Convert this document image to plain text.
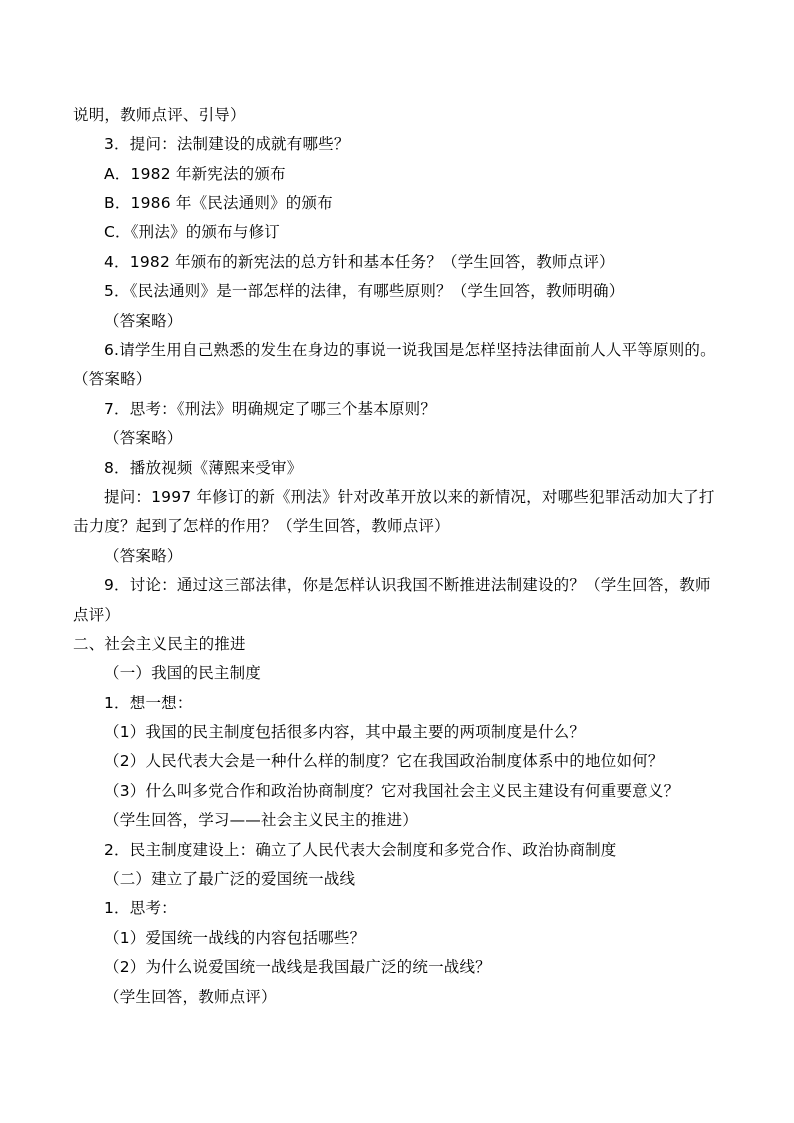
说明，教师点评、引导）
3．提问：法制建设的成就有哪些？
A．1982 年新宪法的颁布
B．1986 年《民法通则》的颁布
C．《刑法》的颁布与修订
4．1982 年颁布的新宪法的总方针和基本任务？（学生回答，教师点评）
5．《民法通则》是一部怎样的法律，有哪些原则？（学生回答，教师明确）
（答案略）
6.请学生用自己熟悉的发生在身边的事说一说我国是怎样坚持法律面前人人平等原则的。
（答案略）
7．思考：《刑法》明确规定了哪三个基本原则？
（答案略）
8．播放视频《薄熙来受审》
提问：1997 年修订的新《刑法》针对改革开放以来的新情况，对哪些犯罪活动加大了打
击力度？起到了怎样的作用？（学生回答，教师点评）
（答案略）
9．讨论：通过这三部法律，你是怎样认识我国不断推进法制建设的？（学生回答，教师
点评）
二、社会主义民主的推进
（一）我国的民主制度
1．想一想：
（1）我国的民主制度包括很多内容，其中最主要的两项制度是什么？
（2）人民代表大会是一种什么样的制度？它在我国政治制度体系中的地位如何？
（3）什么叫多党合作和政治协商制度？它对我国社会主义民主建设有何重要意义？
（学生回答，学习——社会主义民主的推进）
2．民主制度建设上：确立了人民代表大会制度和多党合作、政治协商制度
（二）建立了最广泛的爱国统一战线
1．思考：
（1）爱国统一战线的内容包括哪些？
（2）为什么说爱国统一战线是我国最广泛的统一战线？
（学生回答，教师点评）
